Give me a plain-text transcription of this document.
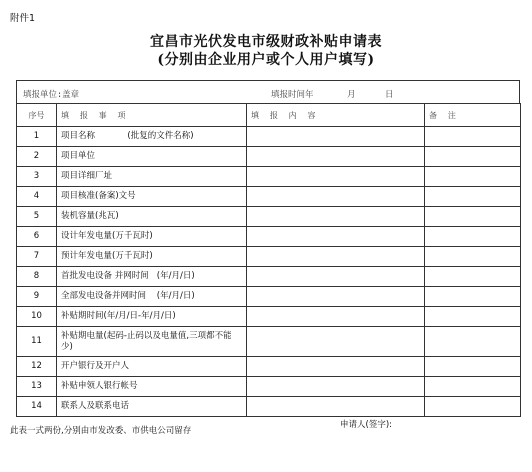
附件1
宜昌市光伏发电市级财政补贴申请表
(分别由企业用户或个人用户填写)
填报单位:盖章	填报时间年	月	日
序号	填 报 事 项	填 报 内 容	备 注
1	项目名称            (批复的文件名称)		
2	项目单位		
3	项目详细厂址		
4	项目核准(备案)文号		
5	装机容量(兆瓦)		
6	设计年发电量(万千瓦时)		
7	预计年发电量(万千瓦时)		
8	首批发电设备 并网时间   (年/月/日)		
9	全部发电设备并网时间    (年/月/日)		
10	补贴期时间(年/月/日-年/月/日)		
11	补贴期电量(起码-止码以及电量值,三项都不能少)		
12	开户银行及开户人		
13	补贴申领人银行帐号		
14	联系人及联系电话		
此表一式两份,分别由市发改委、市供电公司留存
申请人(签字):
